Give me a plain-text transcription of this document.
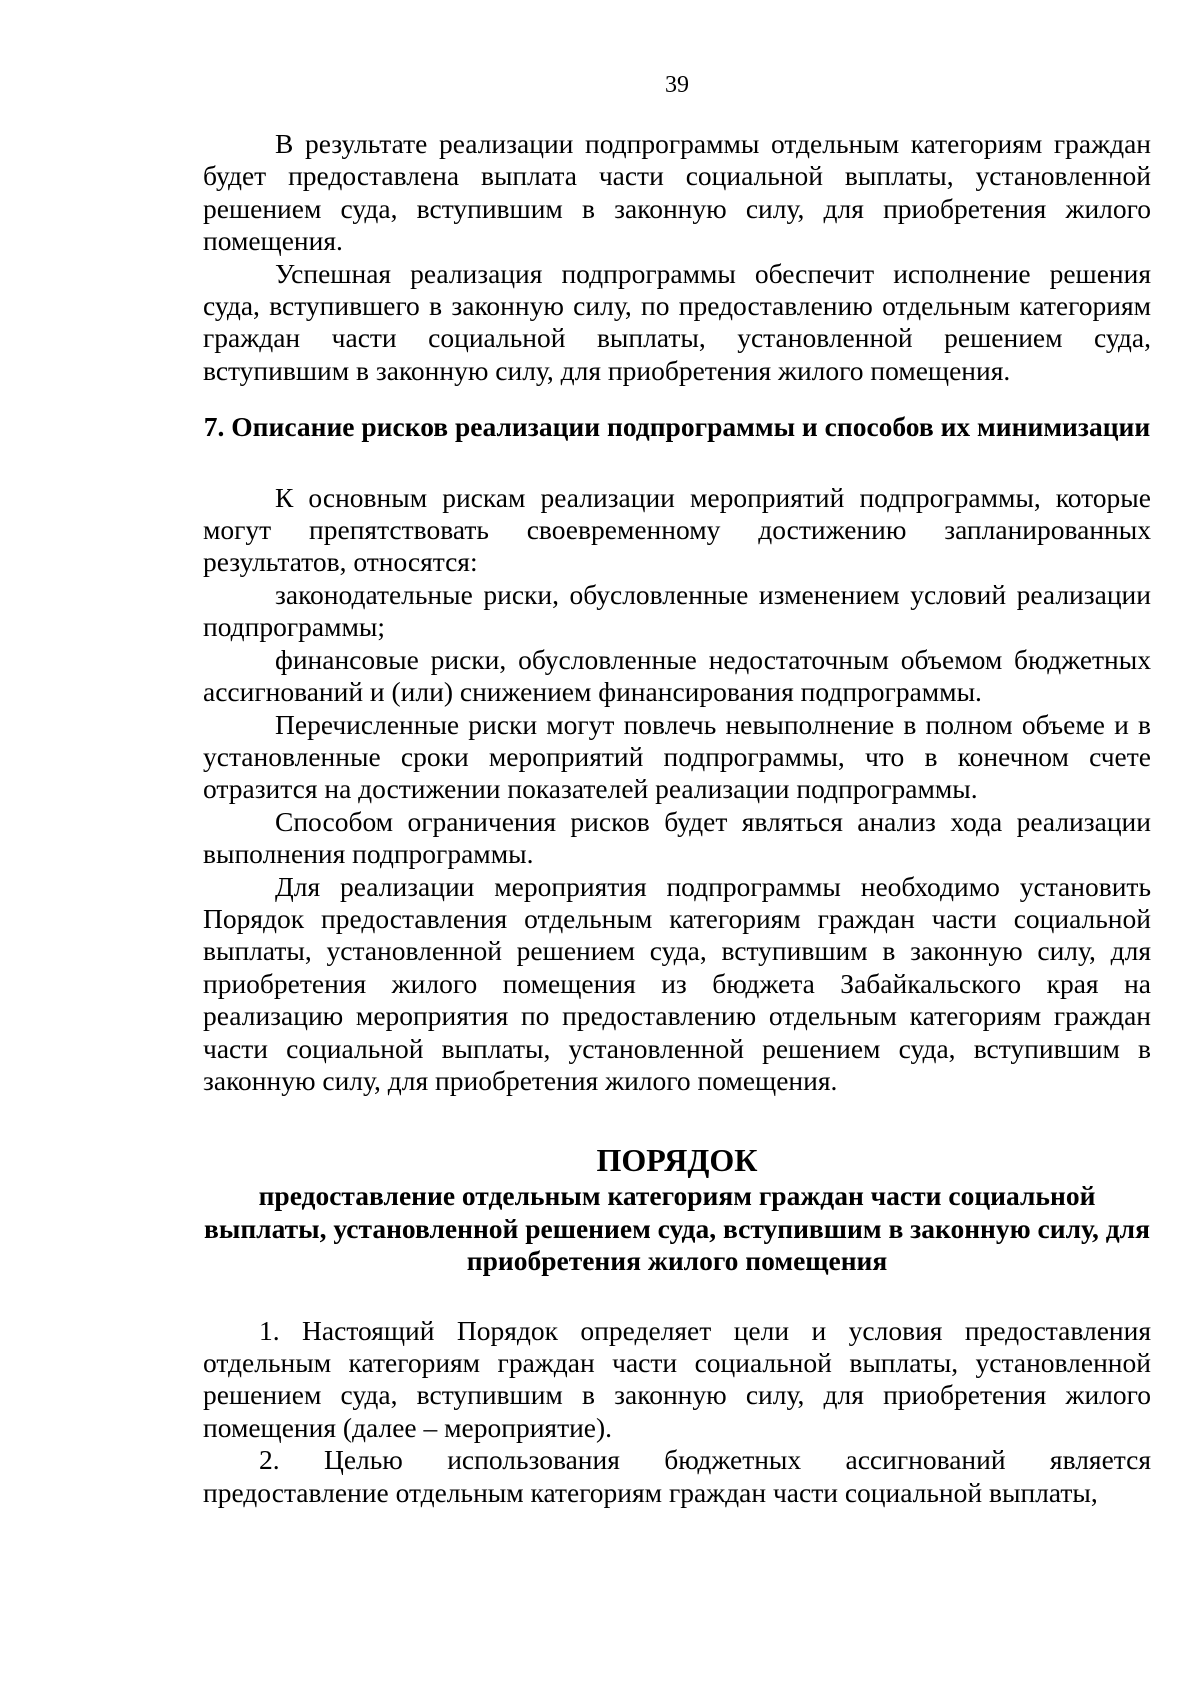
39

В результате реализации подпрограммы отдельным категориям граждан будет предоставлена выплата части социальной выплаты, установленной решением суда, вступившим в законную силу, для приобретения жилого помещения.

Успешная реализация подпрограммы обеспечит исполнение решения суда, вступившего в законную силу, по предоставлению отдельным категориям граждан части социальной выплаты, установленной решением суда, вступившим в законную силу, для приобретения жилого помещения.

7. Описание рисков реализации подпрограммы и способов их минимизации

К основным рискам реализации мероприятий подпрограммы, которые могут препятствовать своевременному достижению запланированных результатов, относятся:

законодательные риски, обусловленные изменением условий реализации подпрограммы;

финансовые риски, обусловленные недостаточным объемом бюджетных ассигнований и (или) снижением финансирования подпрограммы.

Перечисленные риски могут повлечь невыполнение в полном объеме и в установленные сроки мероприятий подпрограммы, что в конечном счете отразится на достижении показателей реализации подпрограммы.

Способом ограничения рисков будет являться анализ хода реализации выполнения подпрограммы.

Для реализации мероприятия подпрограммы необходимо установить Порядок предоставления отдельным категориям граждан части социальной выплаты, установленной решением суда, вступившим в законную силу, для приобретения жилого помещения из бюджета Забайкальского края на реализацию мероприятия по предоставлению отдельным категориям граждан части социальной выплаты, установленной решением суда, вступившим в законную силу, для приобретения жилого помещения.

ПОРЯДОК
предоставление отдельным категориям граждан части социальной выплаты, установленной решением суда, вступившим в законную силу, для приобретения жилого помещения

1. Настоящий Порядок определяет цели и условия предоставления отдельным категориям граждан части социальной выплаты, установленной решением суда, вступившим в законную силу, для приобретения жилого помещения (далее – мероприятие).

2. Целью использования бюджетных ассигнований является предоставление отдельным категориям граждан части социальной выплаты,
